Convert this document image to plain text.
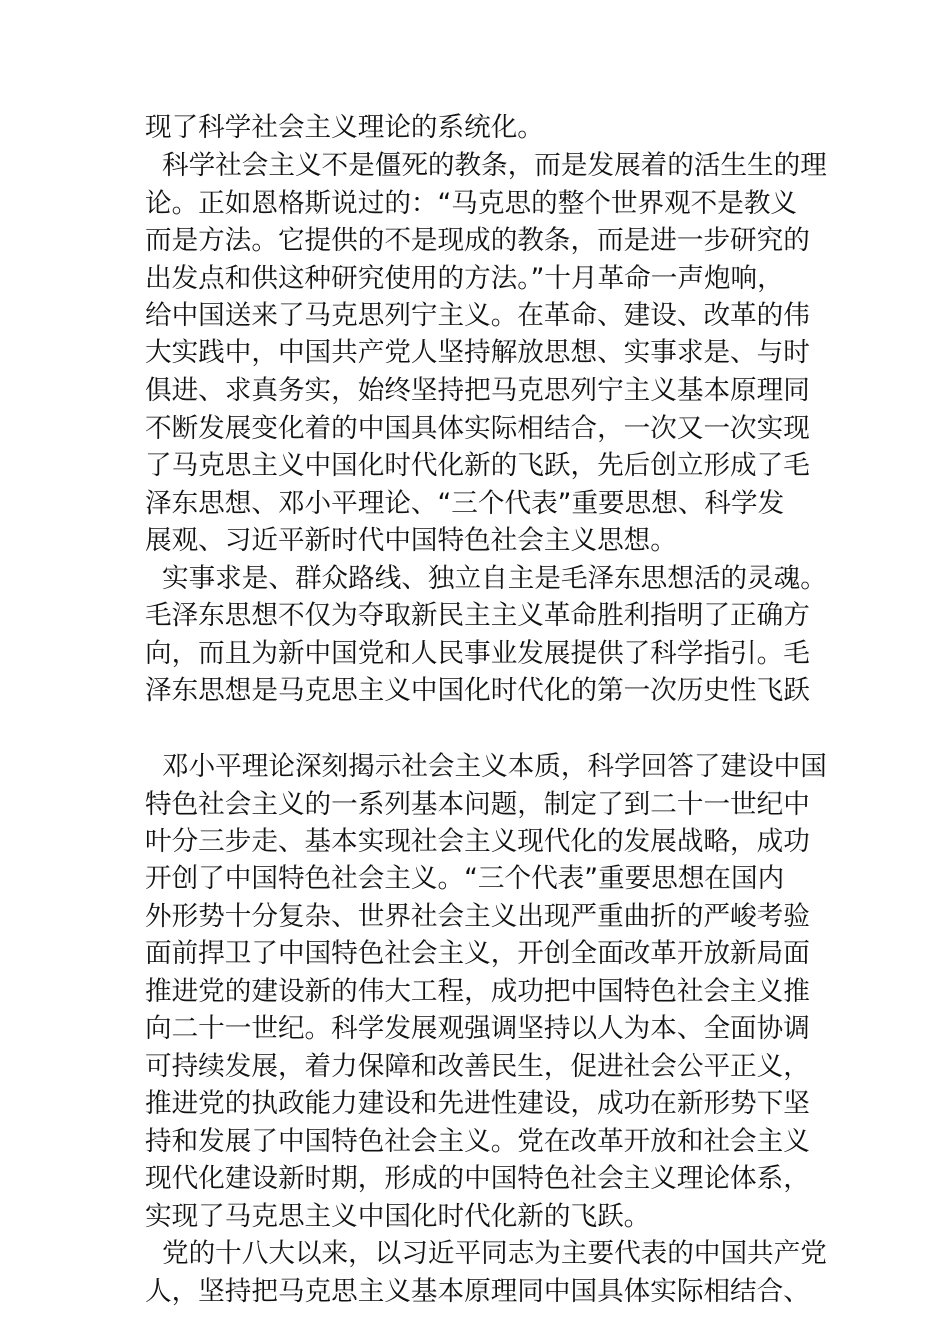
现了科学社会主义理论的系统化。
科学社会主义不是僵死的教条，而是发展着的活生生的理
论。正如恩格斯说过的：“马克思的整个世界观不是教义
而是方法。它提供的不是现成的教条，而是进一步研究的
出发点和供这种研究使用的方法。”十月革命一声炮响，
给中国送来了马克思列宁主义。在革命、建设、改革的伟
大实践中，中国共产党人坚持解放思想、实事求是、与时
俱进、求真务实，始终坚持把马克思列宁主义基本原理同
不断发展变化着的中国具体实际相结合，一次又一次实现
了马克思主义中国化时代化新的飞跃，先后创立形成了毛
泽东思想、邓小平理论、“三个代表”重要思想、科学发
展观、习近平新时代中国特色社会主义思想。
实事求是、群众路线、独立自主是毛泽东思想活的灵魂。
毛泽东思想不仅为夺取新民主主义革命胜利指明了正确方
向，而且为新中国党和人民事业发展提供了科学指引。毛
泽东思想是马克思主义中国化时代化的第一次历史性飞跃
邓小平理论深刻揭示社会主义本质，科学回答了建设中国
特色社会主义的一系列基本问题，制定了到二十一世纪中
叶分三步走、基本实现社会主义现代化的发展战略，成功
开创了中国特色社会主义。“三个代表”重要思想在国内
外形势十分复杂、世界社会主义出现严重曲折的严峻考验
面前捍卫了中国特色社会主义，开创全面改革开放新局面
推进党的建设新的伟大工程，成功把中国特色社会主义推
向二十一世纪。科学发展观强调坚持以人为本、全面协调
可持续发展，着力保障和改善民生，促进社会公平正义，
推进党的执政能力建设和先进性建设，成功在新形势下坚
持和发展了中国特色社会主义。党在改革开放和社会主义
现代化建设新时期，形成的中国特色社会主义理论体系，
实现了马克思主义中国化时代化新的飞跃。
党的十八大以来，以习近平同志为主要代表的中国共产党
人，坚持把马克思主义基本原理同中国具体实际相结合、
